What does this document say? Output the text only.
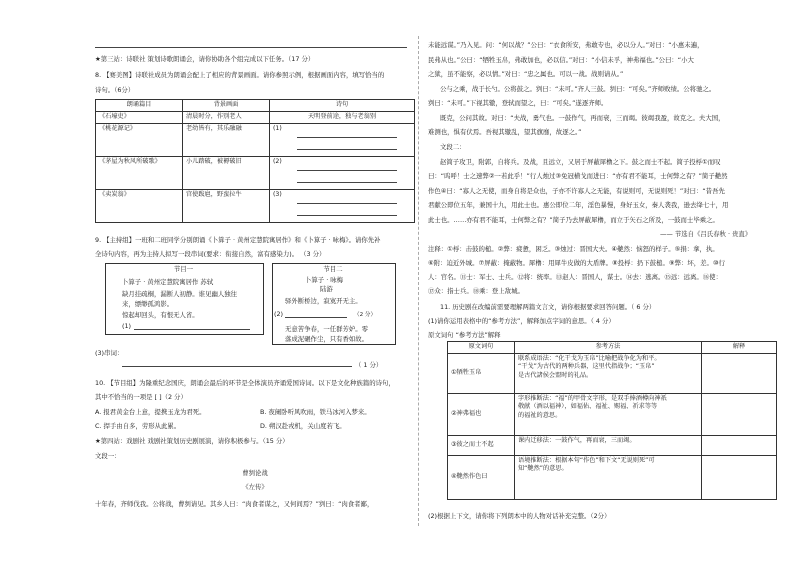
★第三站：诗联社 策划诗歌朗诵会，请你协助各个组完成以下任务。（17 分）
8. 【赛美图】诗联社成员为朗诵会配上了相应的背景画面。请你参照示例，根据画面内容，填写恰当的
诗句。（6分）
朗诵篇目	背景画面	诗句
《石壕吏》	清晨时分，作别老人	天明登前途，独与老翁别
《桃花源记》	老幼皆有，其乐融融	(1)
《茅屋为秋风所破歌》	小儿踏破，被褥破旧	(2)
《卖炭翁》	宫使跋扈，野蛮拉牛	(3)
9. 【主持组】一班和二班同学分别朗诵《卜算子 · 黄州定慧院寓居作》和《卜算子 · 咏梅》。请你先补
全诗句内容，再为主持人拟写一段串词(要求：衔接自然，富有感染力)。 （3 分）
节目一
卜算子 · 黄州定慧院寓居作 苏轼
缺月挂疏桐，漏断人初静。谁见幽人独往
来，缥缈孤鸿影。
惊起却回头，有恨无人省。
(1)
节目二
卜算子 · 咏梅
陆游
驿外断桥边，寂寞开无主。
(2)	（2 分）
无意苦争春，一任群芳妒。零
落成泥碾作尘，只有香如故。
(3)串词：
（ 1 分）
10. 【节目组】为隆重纪念国庆，朗诵会最后的环节是全体演员齐诵爱国诗词。以下是文化种族篇的诗句，
其中不恰当的一项是 [ ]（2 分）
A. 报君黄金台上意，提携玉龙为君死。	B. 夜阑卧听风吹雨，铁马冰河入梦来。
C. 捍手由自多，劳形从此累。	D. 朔汉赴戎机，关山度若飞。
★第四站：戏剧社 戏剧社策划历史剧展演，请你积极参与。（15 分）
文段一：
曹刿论战
《左传》
十年春，齐师伐我。公将战，曹刿请见。其乡人曰：“肉食者谋之，又何间焉？”刿曰：“肉食者鄙，
未能远谋。”乃入见。问：“何以战？”公曰：“衣食所安，弗敢专也，必以分人。”对曰：“小惠未遍，
民弗从也。”公曰：“牺牲玉帛，弗敢加也，必以信。”对曰：“小信未孚，神弗福也。”公曰：“小大
之狱，虽不能察，必以情。”对曰：“忠之属也。可以一战。战则请从。”
公与之乘，战于长勺。公将鼓之。刿曰：“未可。”齐人三鼓。刿曰：“可矣。”齐师败绩。公将驰之。
刿曰：“未可。”下视其辙，登轼而望之，曰：“可矣。”遂逐齐师。
既克，公问其故。对曰：“夫战，勇气也。一鼓作气，再而衰，三而竭。彼竭我盈，故克之。夫大国，
难测也，惧有伏焉。吾视其辙乱，望其旗靡，故逐之。”
文段二：
赵简子攻卫，附郭，自将兵。及战，且远立，又居于屏蔽犀橹之下。鼓之而士不起。简子投桴①而叹
曰：“呜呼！士之速弊②一若此乎！”行人烛过③免冠横戈而进曰：“亦有君不能耳，士何弊之有？”简子艴然
作色④曰：“寡人之无使，而身自将是众也，子亦不许寡人之无能，有说则可，无说则死！”对曰：“昔吾先
君献公即位五年，兼国十九，用此士也。惠公即位二年，淫色暴慢，身好玉女，秦人袭我，逊去绛七十，用
此士也。……亦有君不能耳，士何弊之有？”简子乃去屏蔽犀橹，而立于矢石之所及，一鼓而士毕乘之。
—— 节选自《吕氏春秋 · 贵直》
注释：①桴：击鼓的槌。②弊：疲惫，困乏。③烛过：晋国大夫。④艴然：恼怒的样子。⑤捐：拿，执。
⑥附：迫近外城。⑦屏蔽：掩蔽物。犀橹：用犀牛皮做的大盾牌。⑧投桴：扔下鼓槌。⑨弊：坏，差。⑩行
人：官名。⑪士：军士、士兵。⑫将：统率。⑬赵人：晋国人，谋士。⑭去：逃离。⑮远：远离。⑯使：
⑰众：指士兵。⑱乘：登上敌城。
11. 历史剧在改编前需要理解两篇文言文，请你根据要求回答问题。（ 6 分）
(1)请你运用表格中的“参考方法”，解释加点字词的意思。（ 4 分）
原文词句 “参考方法”解释
原文词句	参考方法	解释
①牺牲玉帛	联系成语法：“化干戈为玉帛”比喻把战争化为和平。
“干戈”为古代的两种兵器，这里代指战争；“玉帛”
是古代諸侯会盟时的礼品。	

②神弗福也	字形推断法：“福”的甲骨文字形，是双手捧酒樽向神祇
敬献（酒以福神），如福佑、福祉、赐福、祈求等等
的福祉的意思。	

③彼之而士不起	课内迁移法：一鼓作气，再而衰，三而竭。	

④艴然作色曰	语境推断法：根据本句“作色”和下文“无说则死”可
知“艴然”的意思。	

(2)根据上下文，请你将下列朗本中的人物对话补充完整。（2分）
